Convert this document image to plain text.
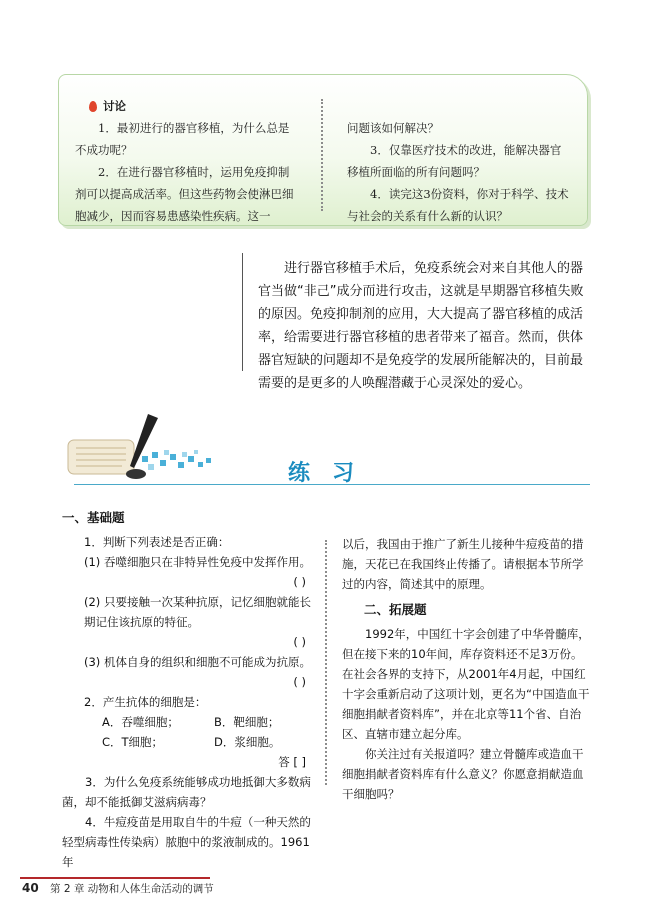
讨论

1．最初进行的器官移植，为什么总是不成功呢？

2．在进行器官移植时，运用免疫抑制剂可以提高成活率。但这些药物会使淋巴细胞减少，因而容易患感染性疾病。这一

问题该如何解决？

3．仅靠医疗技术的改进，能解决器官移植所面临的所有问题吗？

4．读完这3份资料，你对于科学、技术与社会的关系有什么新的认识？

进行器官移植手术后，免疫系统会对来自其他人的器官当做“非己”成分而进行攻击，这就是早期器官移植失败的原因。免疫抑制剂的应用，大大提高了器官移植的成活率，给需要进行器官移植的患者带来了福音。然而，供体器官短缺的问题却不是免疫学的发展所能解决的，目前最需要的是更多的人唤醒潜藏于心灵深处的爱心。

练习

一、基础题

1．判断下列表述是否正确：

(1) 吞噬细胞只在非特异性免疫中发挥作用。

( )

(2) 只要接触一次某种抗原，记忆细胞就能长期记住该抗原的特征。

( )

(3) 机体自身的组织和细胞不可能成为抗原。

( )

2．产生抗体的细胞是：

A．吞噬细胞；	B．靶细胞；
C．T细胞；	D．浆细胞。

答 [ ]

3．为什么免疫系统能够成功地抵御大多数病菌，却不能抵御艾滋病病毒？

4．牛痘疫苗是用取自牛的牛痘（一种天然的轻型病毒性传染病）脓胞中的浆液制成的。1961年

以后，我国由于推广了新生儿接种牛痘疫苗的措施，天花已在我国终止传播了。请根据本节所学过的内容，简述其中的原理。

二、拓展题

1992年，中国红十字会创建了中华骨髓库，但在接下来的10年间，库存资料还不足3万份。在社会各界的支持下，从2001年4月起，中国红十字会重新启动了这项计划，更名为“中国造血干细胞捐献者资料库”，并在北京等11个省、自治区、直辖市建立起分库。

你关注过有关报道吗？建立骨髓库或造血干细胞捐献者资料库有什么意义？你愿意捐献造血干细胞吗？

40 第 2 章 动物和人体生命活动的调节
